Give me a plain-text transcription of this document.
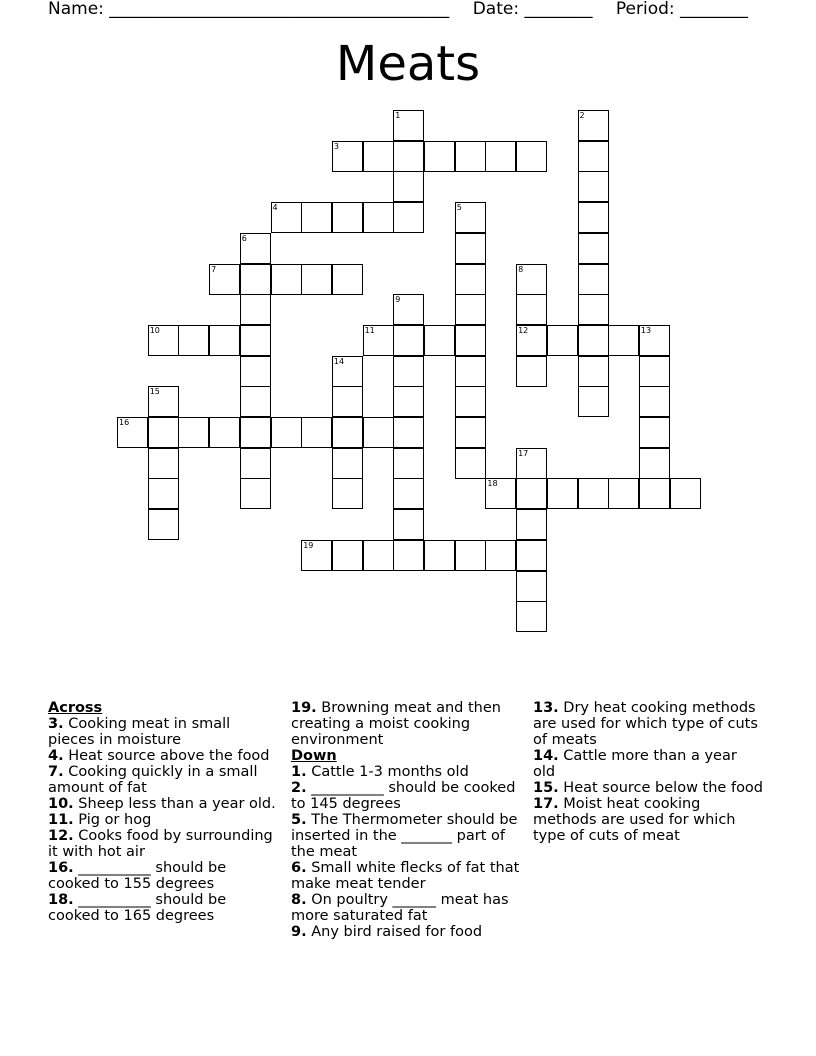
Name: ________________________________________ Date: ________ Period: ________
Meats
1	2
3
4	5
6
7	8
12
9
10	11	13
14
15
16
17
18
19
Across
3. Cooking meat in small pieces in moisture
4. Heat source above the food
7. Cooking quickly in a small amount of fat
10. Sheep less than a year old.
11. Pig or hog
12. Cooks food by surrounding it with hot air
16. __________ should be cooked to 155 degrees
18. __________ should be cooked to 165 degrees
19. Browning meat and then creating a moist cooking environment
Down
1. Cattle 1-3 months old
2. __________ should be cooked to 145 degrees
5. The Thermometer should be inserted in the _______ part of the meat
6. Small white flecks of fat that make meat tender
8. On poultry ______ meat has more saturated fat
9. Any bird raised for food
13. Dry heat cooking methods are used for which type of cuts of meats
14. Cattle more than a year old
15. Heat source below the food
17. Moist heat cooking methods are used for which type of cuts of meat
